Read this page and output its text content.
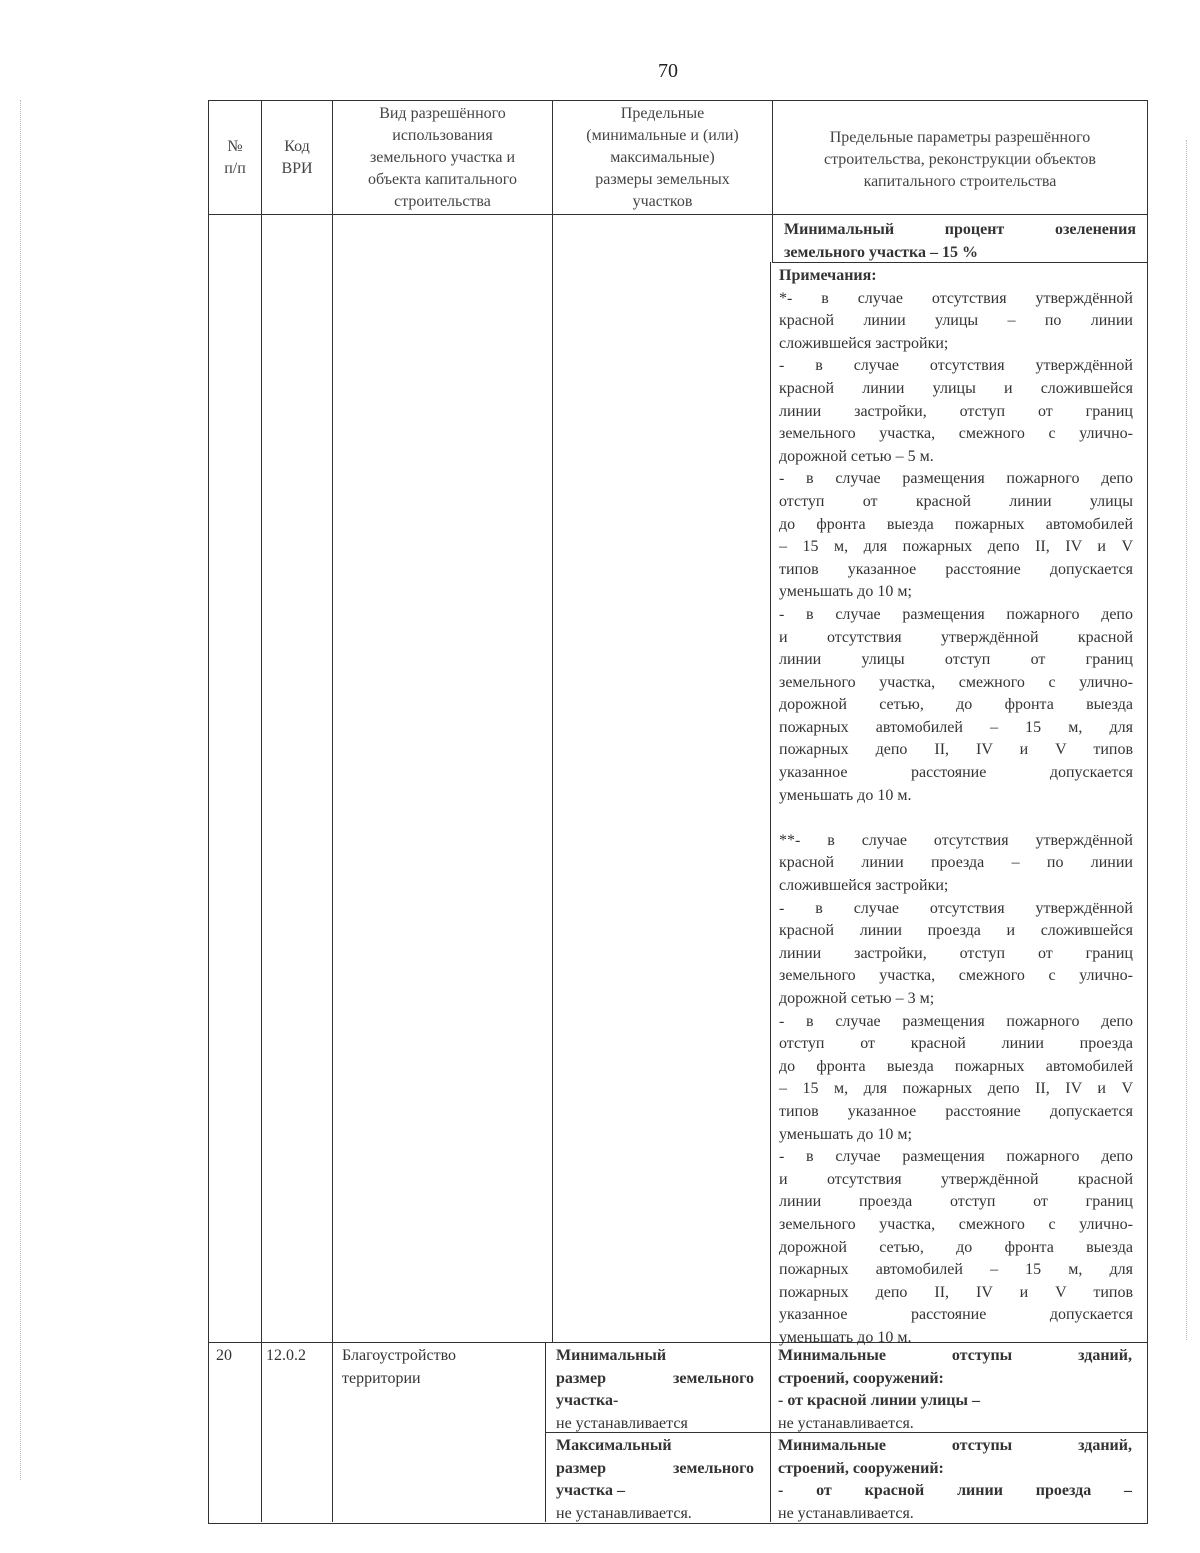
70
№
п/п
Код
ВРИ
Вид разрешённого
использования
земельного участка и
объекта капитального
строительства
Предельные
(минимальные и (или)
максимальные)
размеры земельных
участков
Предельные параметры разрешённого
строительства, реконструкции объектов
капитального строительства
Минимальный процент озеленения
земельного участка – 15 %
Примечания:
*- в случае отсутствия утверждённой
красной линии улицы – по линии
сложившейся застройки;
- в случае отсутствия утверждённой
красной линии улицы и сложившейся
линии застройки, отступ от границ
земельного участка, смежного с улично-
дорожной сетью – 5 м.
- в случае размещения пожарного депо
отступ от красной линии улицы
до фронта выезда пожарных автомобилей
– 15 м, для пожарных депо II, IV и V
типов указанное расстояние допускается
уменьшать до 10 м;
- в случае размещения пожарного депо
и отсутствия утверждённой красной
линии улицы отступ от границ
земельного участка, смежного с улично-
дорожной сетью, до фронта выезда
пожарных автомобилей – 15 м, для
пожарных депо II, IV и V типов
указанное расстояние допускается
уменьшать до 10 м.
**- в случае отсутствия утверждённой
красной линии проезда – по линии
сложившейся застройки;
- в случае отсутствия утверждённой
красной линии проезда и сложившейся
линии застройки, отступ от границ
земельного участка, смежного с улично-
дорожной сетью – 3 м;
- в случае размещения пожарного депо
отступ от красной линии проезда
до фронта выезда пожарных автомобилей
– 15 м, для пожарных депо II, IV и V
типов указанное расстояние допускается
уменьшать до 10 м;
- в случае размещения пожарного депо
и отсутствия утверждённой красной
линии проезда отступ от границ
земельного участка, смежного с улично-
дорожной сетью, до фронта выезда
пожарных автомобилей – 15 м, для
пожарных депо II, IV и V типов
указанное расстояние допускается
уменьшать до 10 м.
20 12.0.2 Благоустройство
территории
Минимальный
размер земельного
участка-
не устанавливается
Минимальные отступы зданий,
строений, сооружений:
- от красной линии улицы –
не устанавливается.
Максимальный
размер земельного
участка –
не устанавливается.
Минимальные отступы зданий,
строений, сооружений:
- от красной линии проезда –
не устанавливается.
